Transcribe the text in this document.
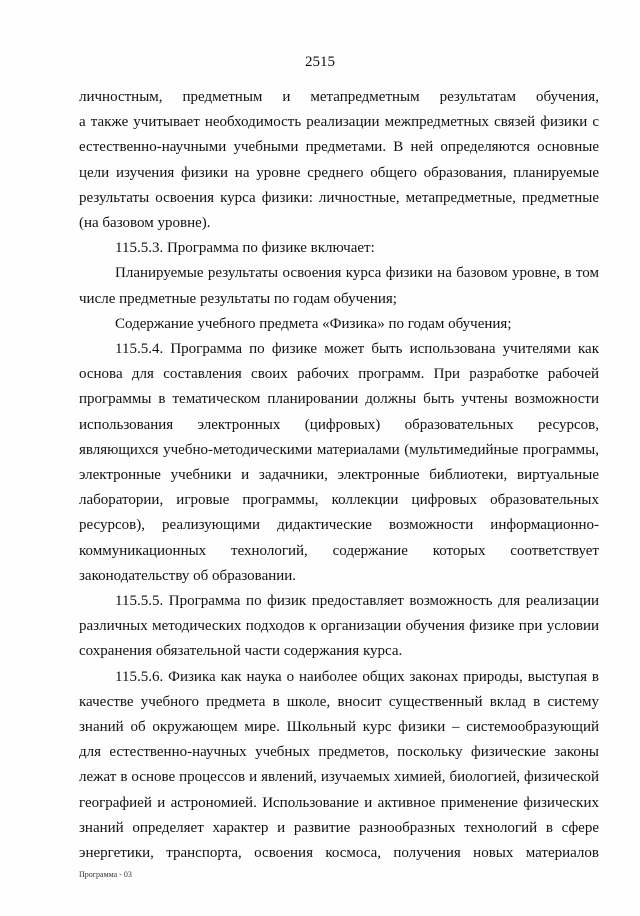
2515
личностным, предметным и метапредметным результатам обучения,

а также учитывает необходимость реализации межпредметных связей физики с естественно-научными учебными предметами. В ней определяются основные цели изучения физики на уровне среднего общего образования, планируемые результаты освоения курса физики: личностные, метапредметные, предметные (на базовом уровне).

115.5.3. Программа по физике включает:

Планируемые результаты освоения курса физики на базовом уровне, в том числе предметные результаты по годам обучения;

Содержание учебного предмета «Физика» по годам обучения;

115.5.4. Программа по физике может быть использована учителями как основа для составления своих рабочих программ. При разработке рабочей программы в тематическом планировании должны быть учтены возможности использования электронных (цифровых) образовательных ресурсов, являющихся учебно-методическими материалами (мультимедийные программы, электронные учебники и задачники, электронные библиотеки, виртуальные лаборатории, игровые программы, коллекции цифровых образовательных ресурсов), реализующими дидактические возможности информационно-коммуникационных технологий, содержание которых соответствует законодательству об образовании.

115.5.5. Программа по физик предоставляет возможность для реализации различных методических подходов к организации обучения физике при условии сохранения обязательной части содержания курса.

115.5.6. Физика как наука о наиболее общих законах природы, выступая в качестве учебного предмета в школе, вносит существенный вклад в систему знаний об окружающем мире. Школьный курс физики – системообразующий для естественно-научных учебных предметов, поскольку физические законы лежат в основе процессов и явлений, изучаемых химией, биологией, физической географией и астрономией. Использование и активное применение физических знаний определяет характер и развитие разнообразных технологий в сфере энергетики, транспорта, освоения космоса, получения новых материалов

Программа - 03
